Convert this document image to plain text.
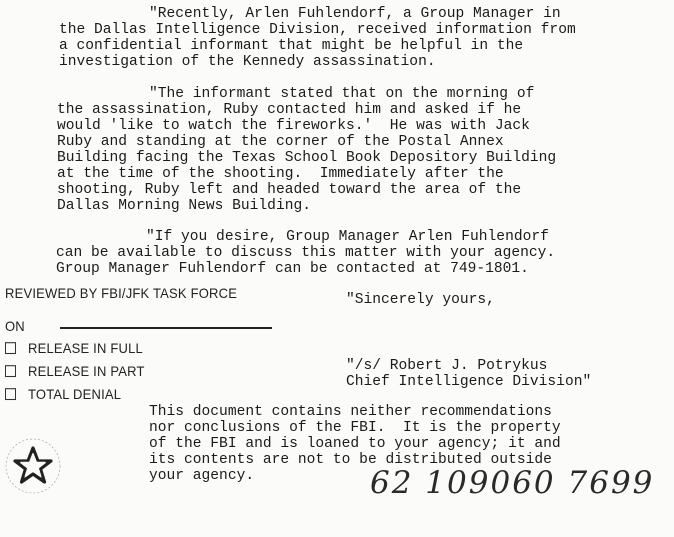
"Recently, Arlen Fuhlendorf, a Group Manager in
the Dallas Intelligence Division, received information from
a confidential informant that might be helpful in the
investigation of the Kennedy assassination.
"The informant stated that on the morning of
the assassination, Ruby contacted him and asked if he
would 'like to watch the fireworks.'  He was with Jack
Ruby and standing at the corner of the Postal Annex
Building facing the Texas School Book Depository Building
at the time of the shooting.  Immediately after the
shooting, Ruby left and headed toward the area of the
Dallas Morning News Building.
"If you desire, Group Manager Arlen Fuhlendorf
can be available to discuss this matter with your agency.
Group Manager Fuhlendorf can be contacted at 749-1801.
"Sincerely yours,
REVIEWED BY FBI/JFK TASK FORCE
ON
RELEASE IN FULL
RELEASE IN PART
TOTAL DENIAL
"/s/ Robert J. Potrykus
Chief Intelligence Division"
This document contains neither recommendations
nor conclusions of the FBI.  It is the property
of the FBI and is loaned to your agency; it and
its contents are not to be distributed outside
your agency.	62 109060 7699
